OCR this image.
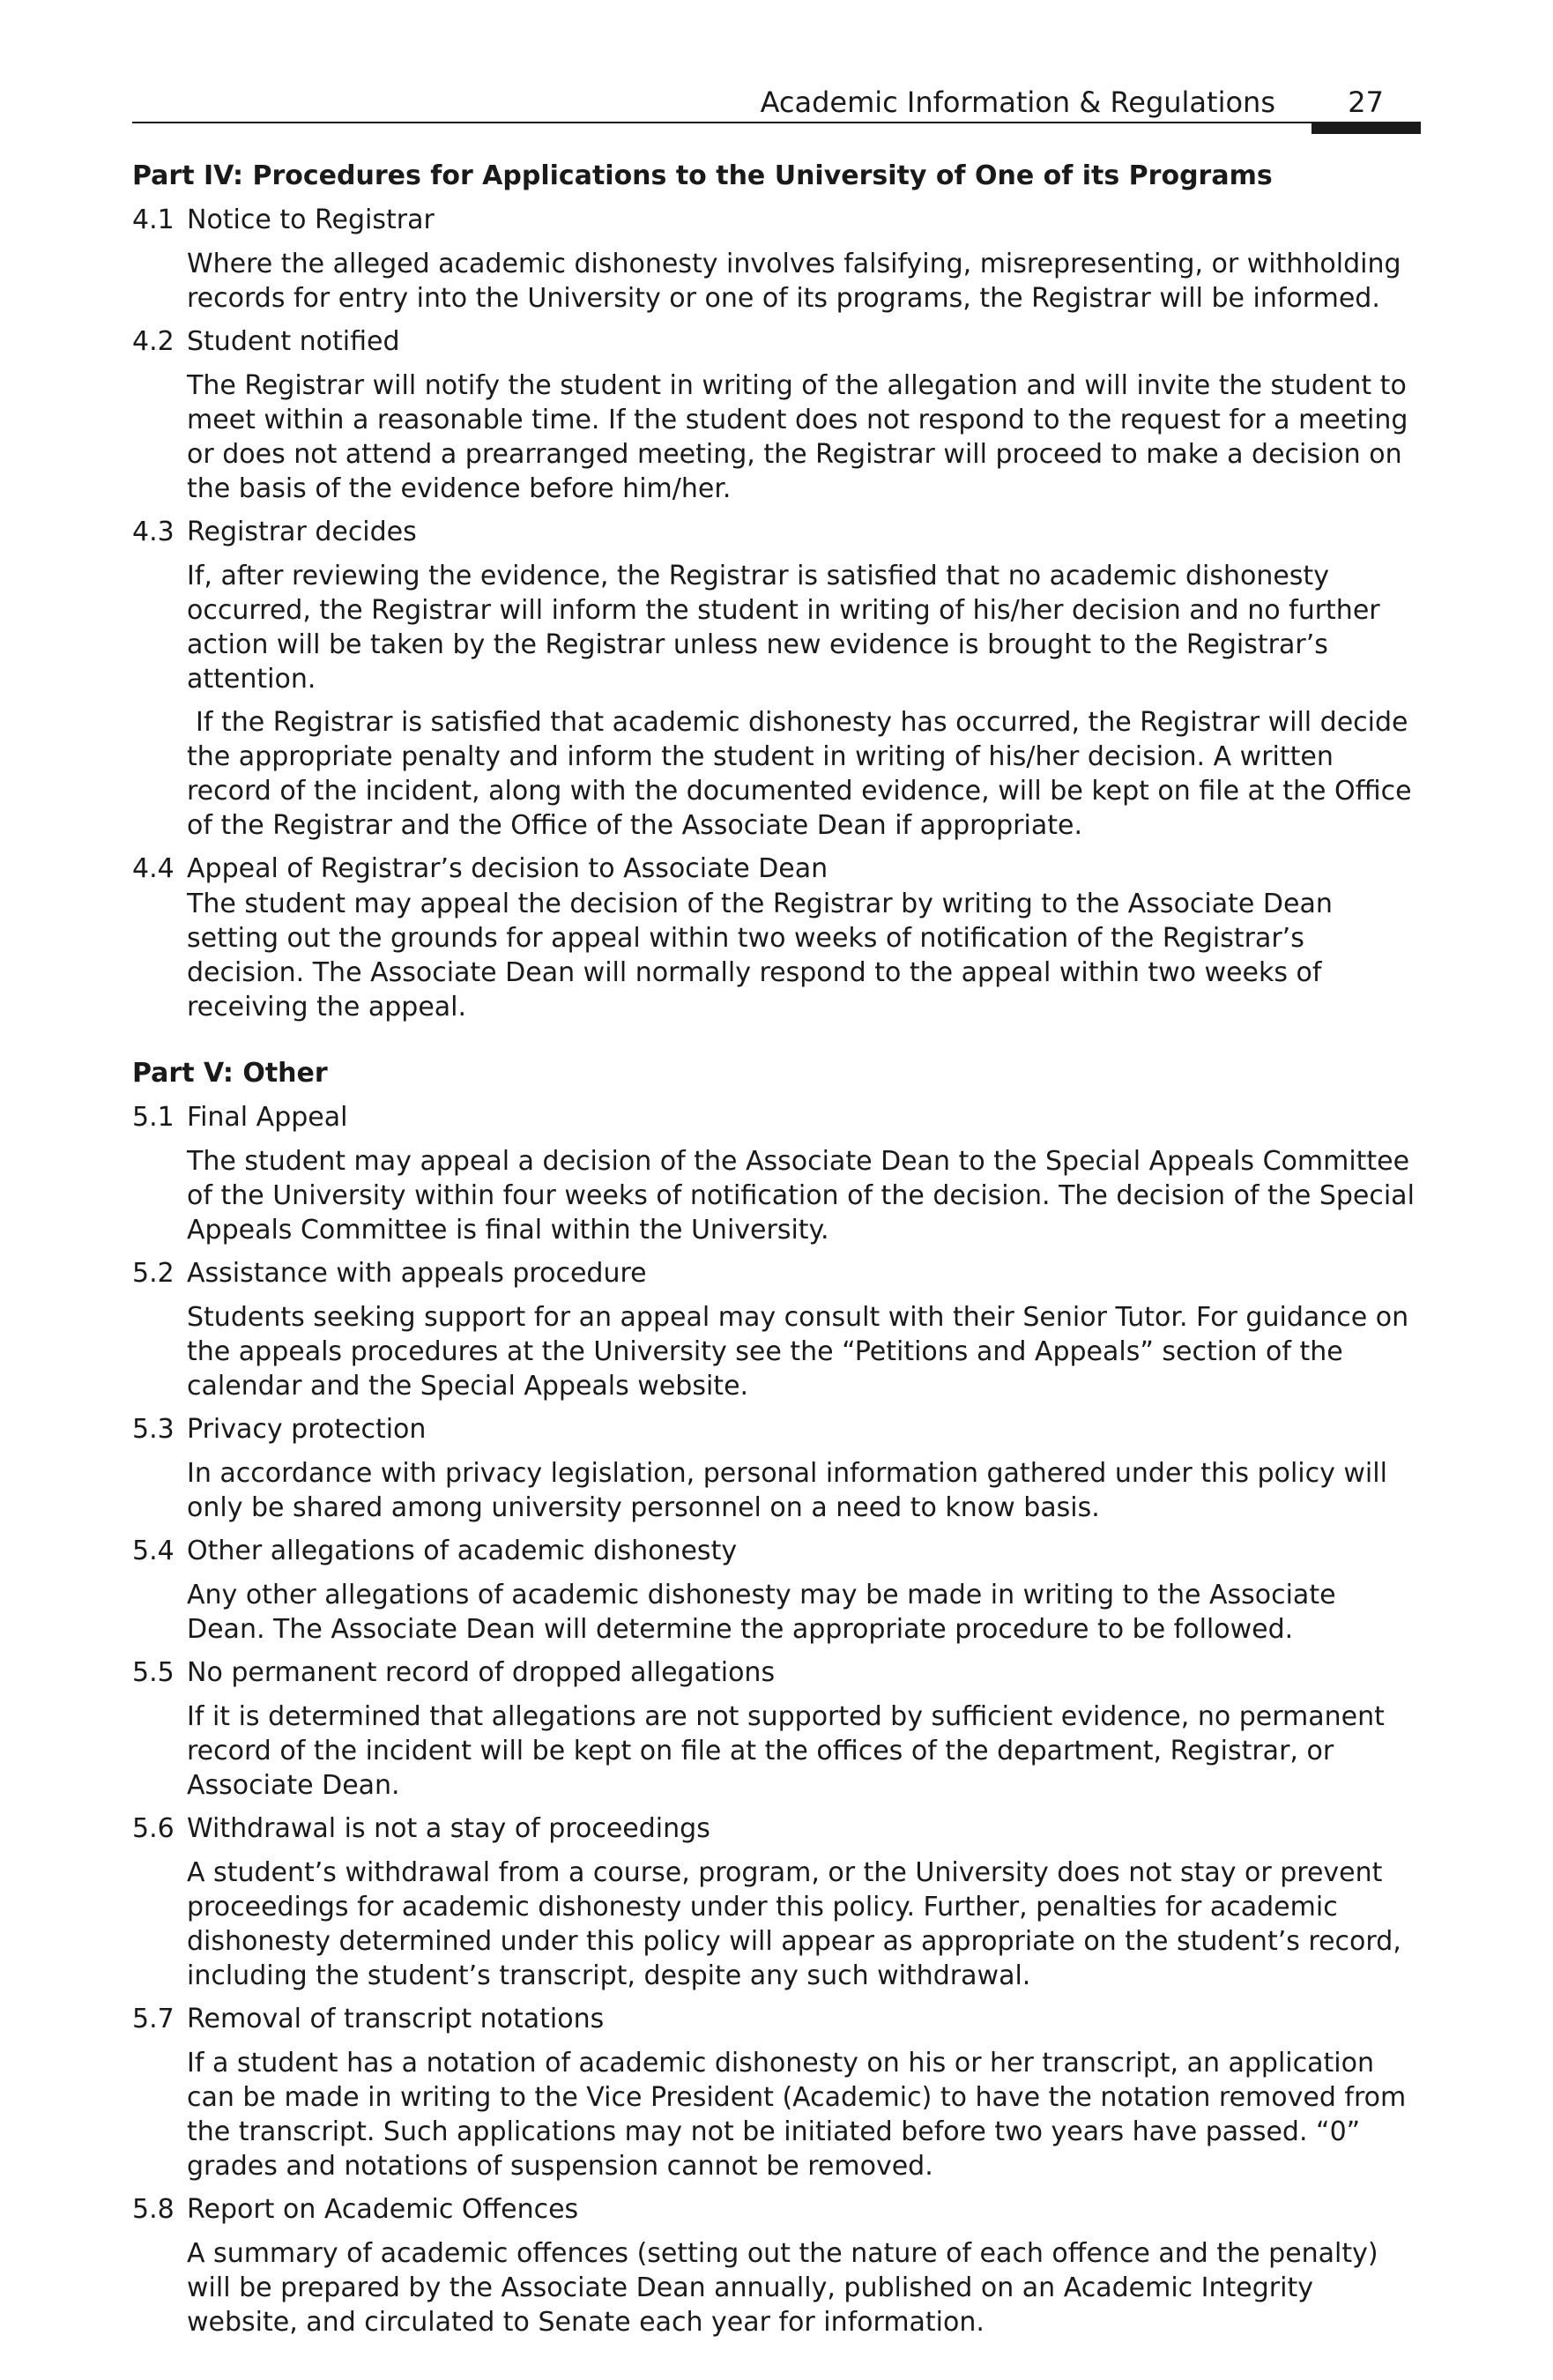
Academic Information & Regulations	27
Part IV: Procedures for Applications to the University of One of its Programs
4.1 Notice to Registrar

Where the alleged academic dishonesty involves falsifying, misrepresenting, or withholding records for entry into the University or one of its programs, the Registrar will be informed.

4.2 Student notified

The Registrar will notify the student in writing of the allegation and will invite the student to meet within a reasonable time. If the student does not respond to the request for a meeting or does not attend a prearranged meeting, the Registrar will proceed to make a decision on the basis of the evidence before him/her.

4.3 Registrar decides

If, after reviewing the evidence, the Registrar is satisfied that no academic dishonesty occurred, the Registrar will inform the student in writing of his/her decision and no further action will be taken by the Registrar unless new evidence is brought to the Registrar’s attention.

If the Registrar is satisfied that academic dishonesty has occurred, the Registrar will decide the appropriate penalty and inform the student in writing of his/her decision. A written record of the incident, along with the documented evidence, will be kept on file at the Office of the Registrar and the Office of the Associate Dean if appropriate.

4.4 Appeal of Registrar’s decision to Associate Dean

The student may appeal the decision of the Registrar by writing to the Associate Dean setting out the grounds for appeal within two weeks of notification of the Registrar’s decision. The Associate Dean will normally respond to the appeal within two weeks of receiving the appeal.

Part V: Other
5.1 Final Appeal

The student may appeal a decision of the Associate Dean to the Special Appeals Committee of the University within four weeks of notification of the decision. The decision of the Special Appeals Committee is final within the University.

5.2 Assistance with appeals procedure

Students seeking support for an appeal may consult with their Senior Tutor. For guidance on the appeals procedures at the University see the “Petitions and Appeals” section of the calendar and the Special Appeals website.

5.3 Privacy protection

In accordance with privacy legislation, personal information gathered under this policy will only be shared among university personnel on a need to know basis.

5.4 Other allegations of academic dishonesty

Any other allegations of academic dishonesty may be made in writing to the Associate Dean. The Associate Dean will determine the appropriate procedure to be followed.

5.5 No permanent record of dropped allegations

If it is determined that allegations are not supported by sufficient evidence, no permanent record of the incident will be kept on file at the offices of the department, Registrar, or Associate Dean.

5.6 Withdrawal is not a stay of proceedings

A student’s withdrawal from a course, program, or the University does not stay or prevent proceedings for academic dishonesty under this policy. Further, penalties for academic dishonesty determined under this policy will appear as appropriate on the student’s record, including the student’s transcript, despite any such withdrawal.

5.7 Removal of transcript notations

If a student has a notation of academic dishonesty on his or her transcript, an application can be made in writing to the Vice President (Academic) to have the notation removed from the transcript. Such applications may not be initiated before two years have passed. “0” grades and notations of suspension cannot be removed.

5.8 Report on Academic Offences

A summary of academic offences (setting out the nature of each offence and the penalty) will be prepared by the Associate Dean annually, published on an Academic Integrity website, and circulated to Senate each year for information.
